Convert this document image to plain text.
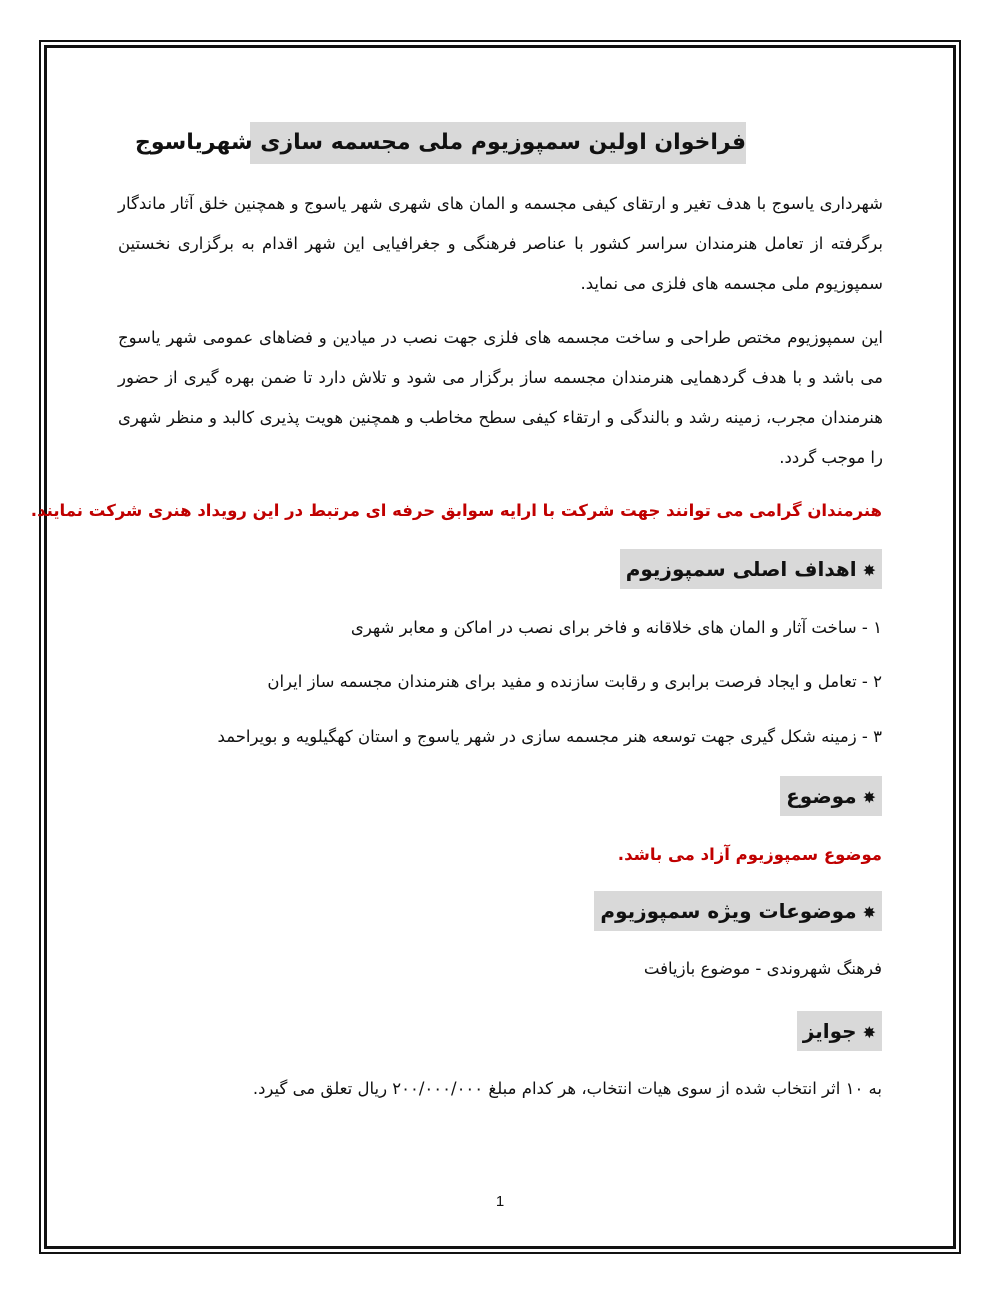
فراخوان اولین سمپوزیوم ملی مجسمه سازی شهریاسوج
شهرداری یاسوج با هدف تغیر و ارتقای کیفی مجسمه و المان های شهری شهر یاسوج و همچنین خلق آثار ماندگار برگرفته از تعامل هنرمندان سراسر کشور با عناصر فرهنگی و جغرافیایی این شهر اقدام به برگزاری نخستین سمپوزیوم ملی مجسمه های فلزی می نماید.
این سمپوزیوم مختص طراحی و ساخت مجسمه های فلزی جهت نصب در میادین و فضاهای عمومی شهر یاسوج می باشد و با هدف گردهمایی هنرمندان مجسمه ساز برگزار می شود و تلاش دارد تا ضمن بهره گیری از حضور هنرمندان مجرب، زمینه رشد و بالندگی و ارتقاء کیفی سطح مخاطب و همچنین هویت پذیری کالبد و منظر شهری را موجب گردد.
هنرمندان گرامی می توانند جهت شرکت با ارایه سوابق حرفه ای مرتبط در این رویداد هنری شرکت نمایند.
✸اهداف اصلی سمپوزیوم
۱ - ساخت آثار و المان های خلاقانه و فاخر برای نصب در اماکن و معابر شهری
۲ - تعامل و ایجاد فرصت برابری و رقابت سازنده و مفید برای هنرمندان مجسمه ساز ایران
۳ - زمینه شکل گیری جهت توسعه هنر مجسمه سازی در شهر یاسوج و استان کهگیلویه و بویراحمد
✸موضوع
موضوع سمپوزیوم آزاد می باشد.
✸موضوعات ویژه سمپوزیوم
فرهنگ شهروندی - موضوع بازیافت
✸جوایز
به ۱۰ اثر انتخاب شده از سوی هیات انتخاب، هر کدام مبلغ ۲۰۰/۰۰۰/۰۰۰ ریال تعلق می گیرد.
1
